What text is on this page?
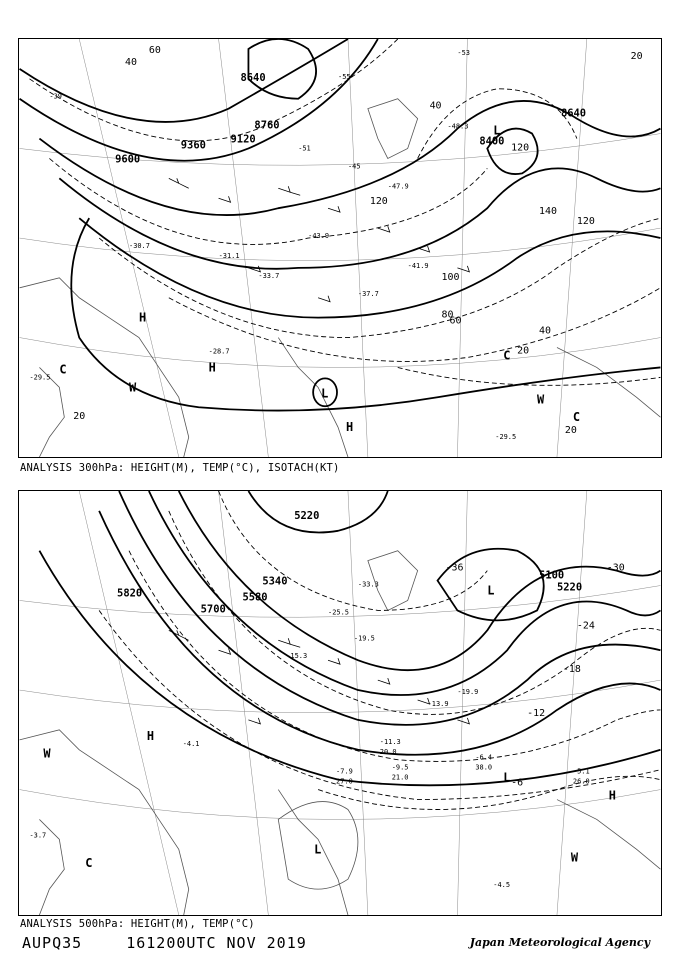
8640
8760
9120
9360
9600
8400
8640
40
60
80
100
120
140
120
60
40
20
20
20
20
40
120
H
H
H
L
L
C
C
C
W
W
-39
-45
-51
-47.9
-43.9
-41.9
-37.7
-33.7
-30.7
-29.5
-28.7
-31.1
-55
-48.3
-53
-29.5
ANALYSIS 300hPa: HEIGHT(M), TEMP(°C), ISOTACH(KT)
5220
5340
5820
5700
5580
5100
5220
-30
-24
-18
-12
-36
-6
L
H
H
W
W
L
C
L
-33.3
-25.5
-19.5
-15.3
-13.9
-11.3
-9.5
-7.9
-6.4
-5.1
-4.5
-4.1
-3.7
-19.9
20.0
21.0
27.0
38.0
26.0
ANALYSIS 500hPa: HEIGHT(M), TEMP(°C)
AUPQ35	161200UTC NOV 2019	Japan Meteorological Agency
